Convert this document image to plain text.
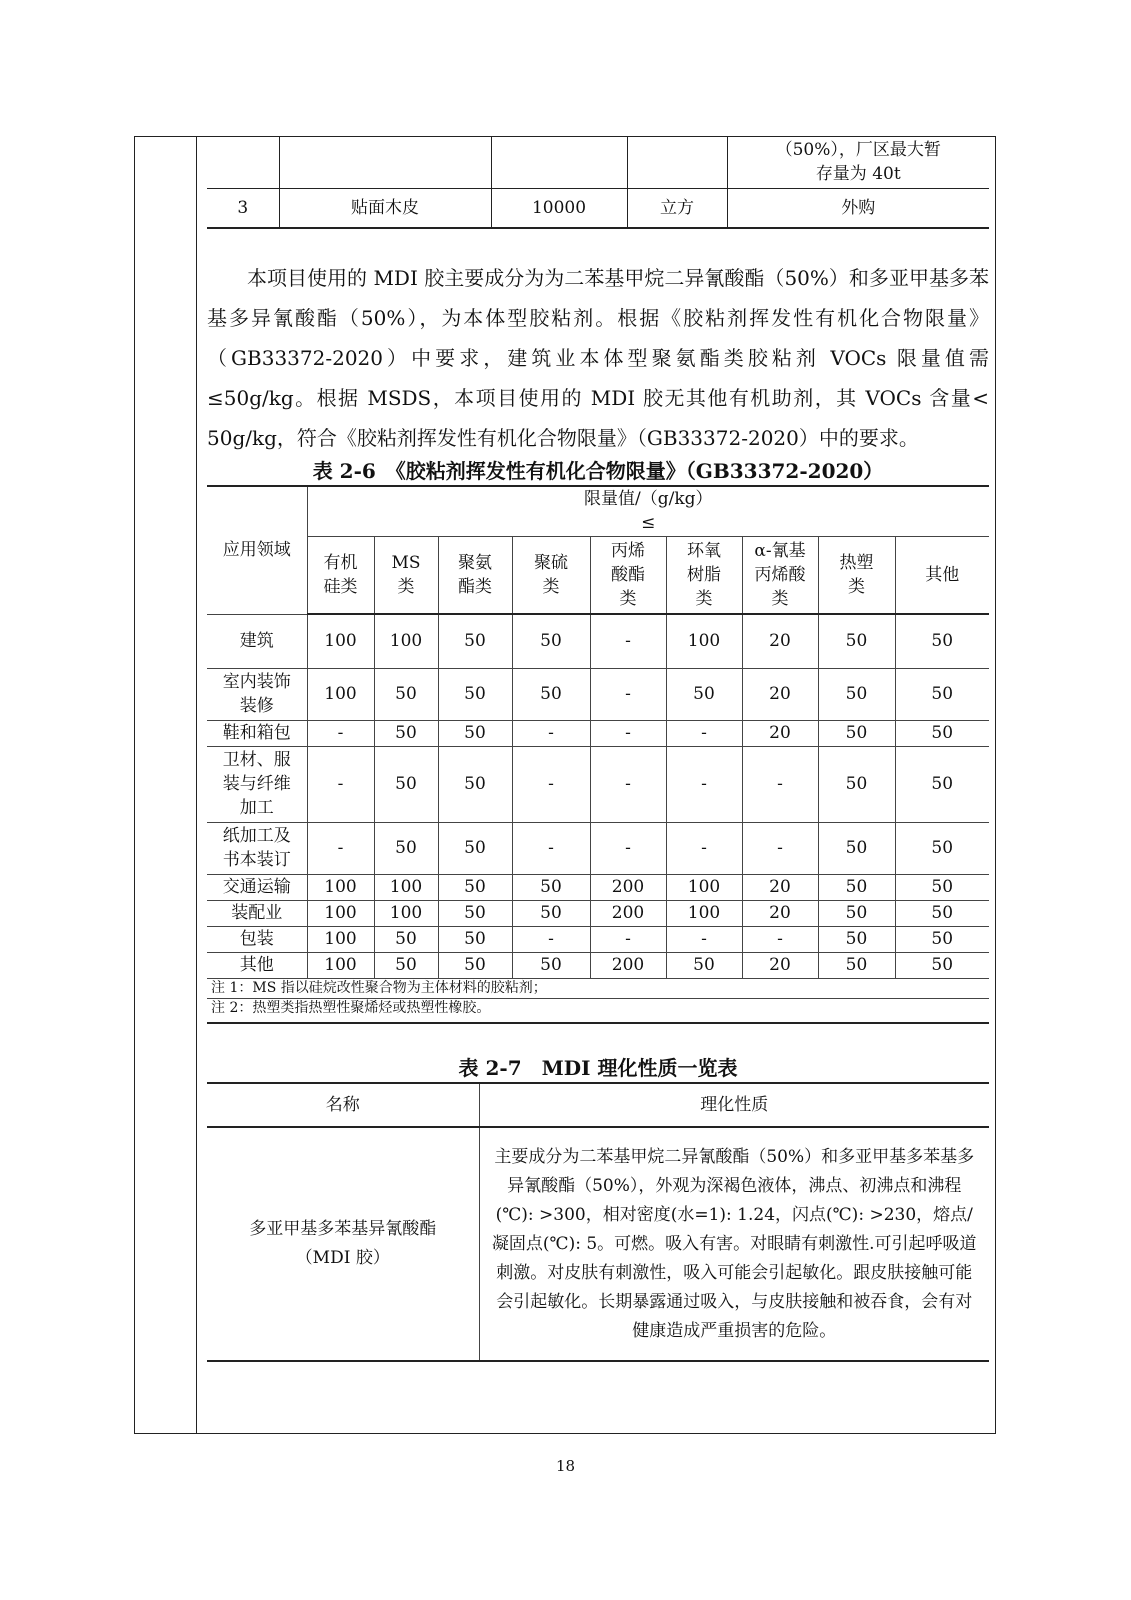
				（50%），厂区最大暂存量为 40t
3	贴面木皮	10000	立方	外购

本项目使用的 MDI 胶主要成分为为二苯基甲烷二异氰酸酯（50%）和多亚甲基多苯基多异氰酸酯（50%），为本体型胶粘剂。根据《胶粘剂挥发性有机化合物限量》（GB33372-2020）中要求，建筑业本体型聚氨酯类胶粘剂 VOCs 限量值需≤50g/kg。根据 MSDS，本项目使用的 MDI 胶无其他有机助剂，其 VOCs 含量< 50g/kg，符合《胶粘剂挥发性有机化合物限量》（GB33372-2020）中的要求。

表 2-6　《胶粘剂挥发性有机化合物限量》（GB33372-2020）

应用领域	限量值/（g/kg）≤								

	有机硅类	MS类	聚氨酯类	聚硫类	丙烯酸酯类	环氧树脂类	α-氰基丙烯酸类	热塑类	其他

建筑	100	100	50	50	-	100	20	50	50

室内装饰装修	100	50	50	50	-	50	20	50	50
鞋和箱包	-	50	50	-	-	-	20	50	50

卫材、服装与纤维加工	-	50	50	-	-	-	-	50	50

纸加工及书本装订	-	50	50	-	-	-	-	50	50
交通运输	100	100	50	50	200	100	20	50	50
装配业	100	100	50	50	200	100	20	50	50
包装	100	50	50	-	-	-	-	50	50
其他	100	50	50	50	200	50	20	50	50
注 1：MS 指以硅烷改性聚合物为主体材料的胶粘剂；									
注 2：热塑类指热塑性聚烯烃或热塑性橡胶。									

表 2-7　MDI 理化性质一览表

名称	理化性质

多亚甲基多苯基异氰酸酯（MDI 胶）	主要成分为二苯基甲烷二异氰酸酯（50%）和多亚甲基多苯基多异氰酸酯（50%），外观为深褐色液体，沸点、初沸点和沸程(℃): >300，相对密度(水=1): 1.24，闪点(℃): >230，熔点/凝固点(℃): 5。可燃。吸入有害。对眼睛有刺激性.可引起呼吸道刺激。对皮肤有刺激性，吸入可能会引起敏化。跟皮肤接触可能会引起敏化。长期暴露通过吸入，与皮肤接触和被吞食，会有对健康造成严重损害的危险。
18
